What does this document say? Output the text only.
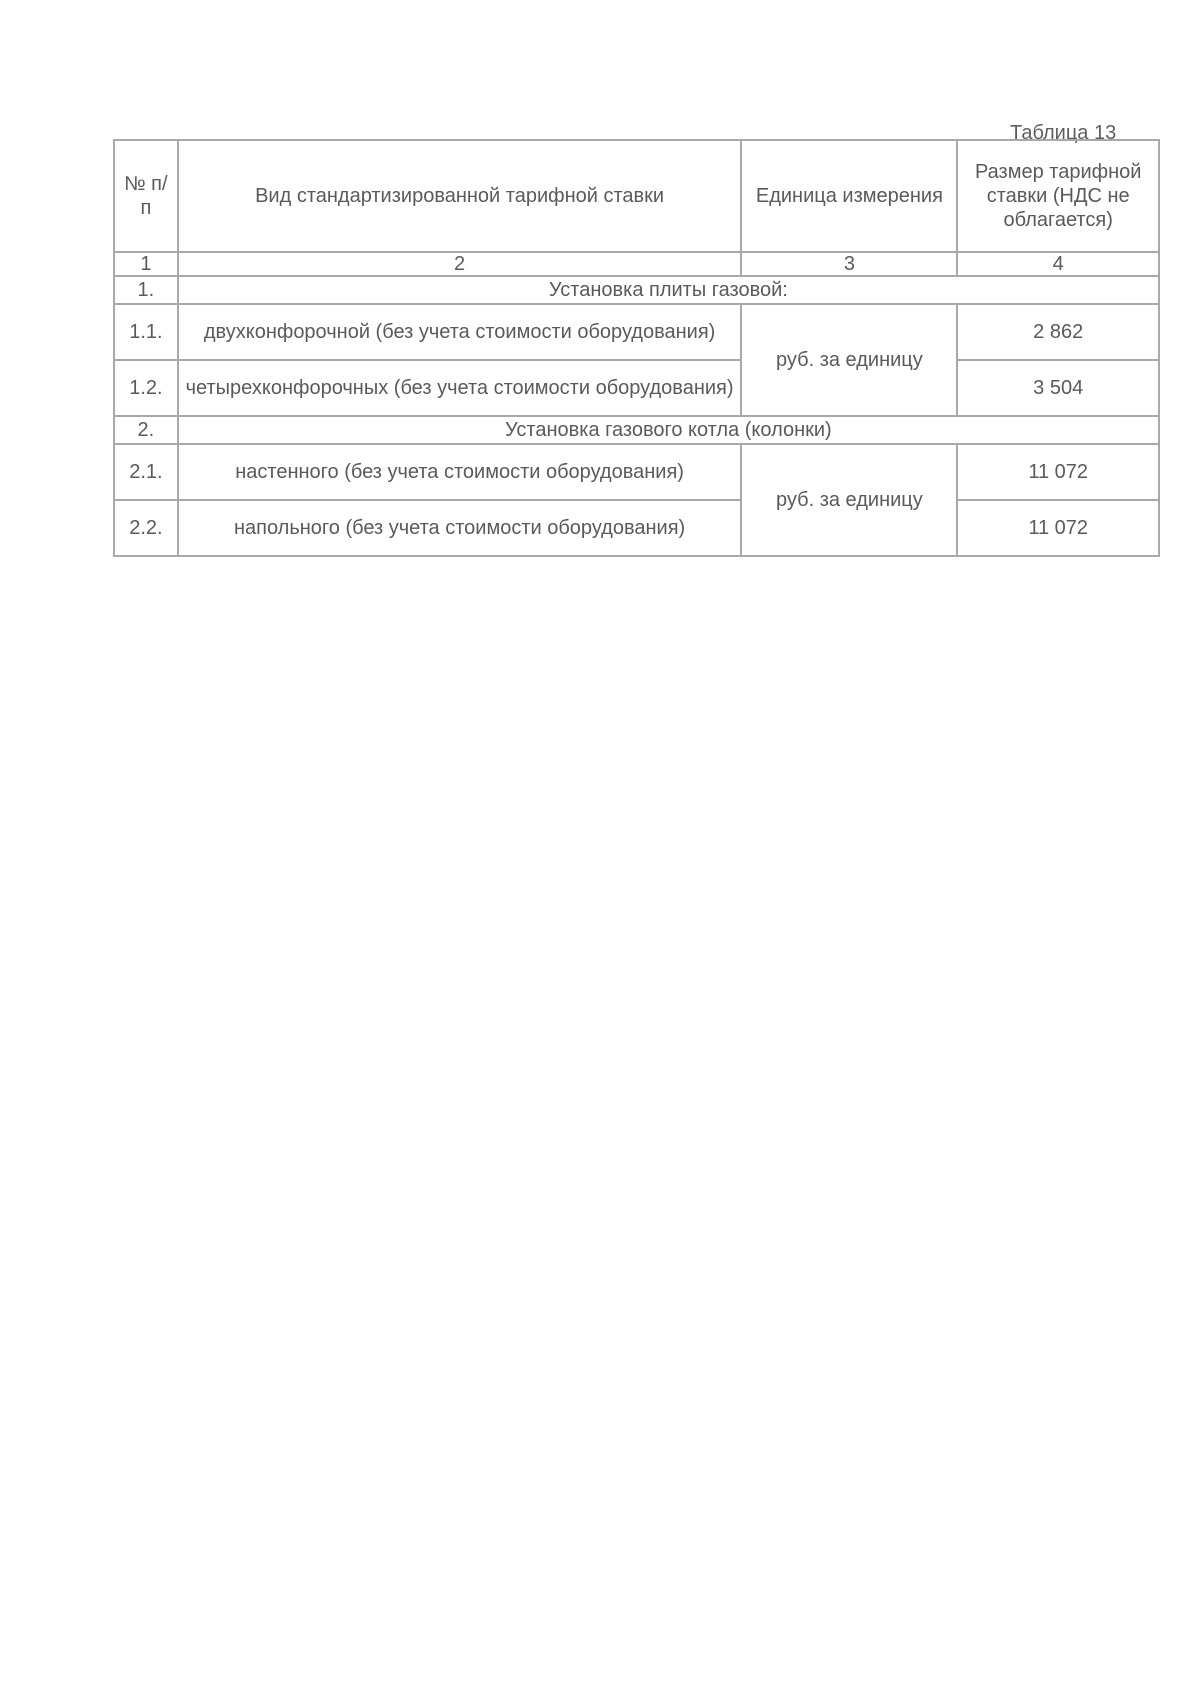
Таблица 13
№ п/п	Вид стандартизированной тарифной ставки	Единица измерения	Размер тарифной ставки (НДС не облагается)
1	2	3	4
1.	Установка плиты газовой:		
1.1.	двухконфорочной (без учета стоимости оборудования)	руб. за единицу	2 862
1.2.	четырехконфорочных (без учета стоимости оборудования)		3 504
2.	Установка газового котла (колонки)		
2.1.	настенного (без учета стоимости оборудования)	руб. за единицу	11 072
2.2.	напольного (без учета стоимости оборудования)		11 072
